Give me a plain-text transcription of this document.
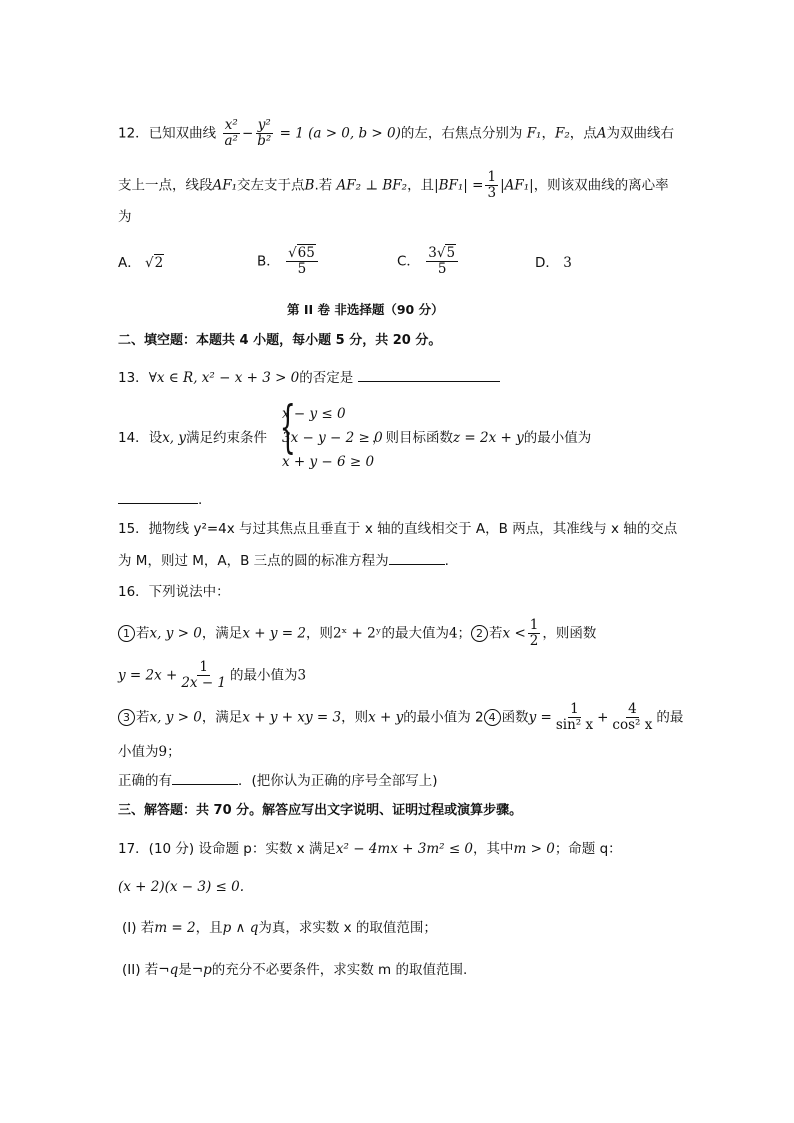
12．已知双曲线 $\frac{\text{x²}}{\text{a²}} - \frac{\text{y²}}{\text{b²}} = 1$ (a > 0, b > 0)的左，右焦点分别为 F₁，F₂，点A为双曲线右
支上一点，线段AF₁交左支于点B.若 AF₂ ⊥ BF₂，且$|BF_1| = \frac{1}{3} |AF_1|$，则该双曲线的离心率
为
A． √2	B． $\frac{√65}{5}$	C． $\frac{3√5}{5}$	D． 3
第 II 卷 非选择题（90 分）
二、填空题：本题共 4 小题，每小题 5 分，共 20 分。
13．∀x ∈ R, x² − x + 3 > 0的否定是
14．设x, y满足约束条件 {
x − y ≤ 0
3x − y − 2 ≥ 0
x + y − 6 ≥ 0
，则目标函数z = 2x + y的最小值为
.
15．抛物线 y²=4x 与过其焦点且垂直于 x 轴的直线相交于 A，B 两点，其准线与 x 轴的交点
为 M，则过 M，A，B 三点的圆的标准方程为	.
16．下列说法中：
1 若x, y > 0，满足x + y = 2，则2ˣ + 2ʸ的最大值为4； 2 若$x < \frac{1}{2}$ ，则函数
$y = 2x + \frac{1}{2x - 1}$ 的最小值为3
3 若x, y > 0，满足x + y + xy = 3，则x + y的最小值为 2 4 函数$y = \frac{1}{\text{sin² x}} + \frac{4}{\text{cos² x}}$ 的最
小值为9；
正确的有	．(把你认为正确的序号全部写上)
三、解答题：共 70 分。解答应写出文字说明、证明过程或演算步骤。
17．(10 分) 设命题 p：实数 x 满足x² − 4mx + 3m² ≤ 0，其中m > 0；命题 q：
(x + 2)(x − 3) ≤ 0.
(I) 若m = 2，且p ∧ q为真，求实数 x 的取值范围；
(II) 若¬q是¬p的充分不必要条件，求实数 m 的取值范围.
